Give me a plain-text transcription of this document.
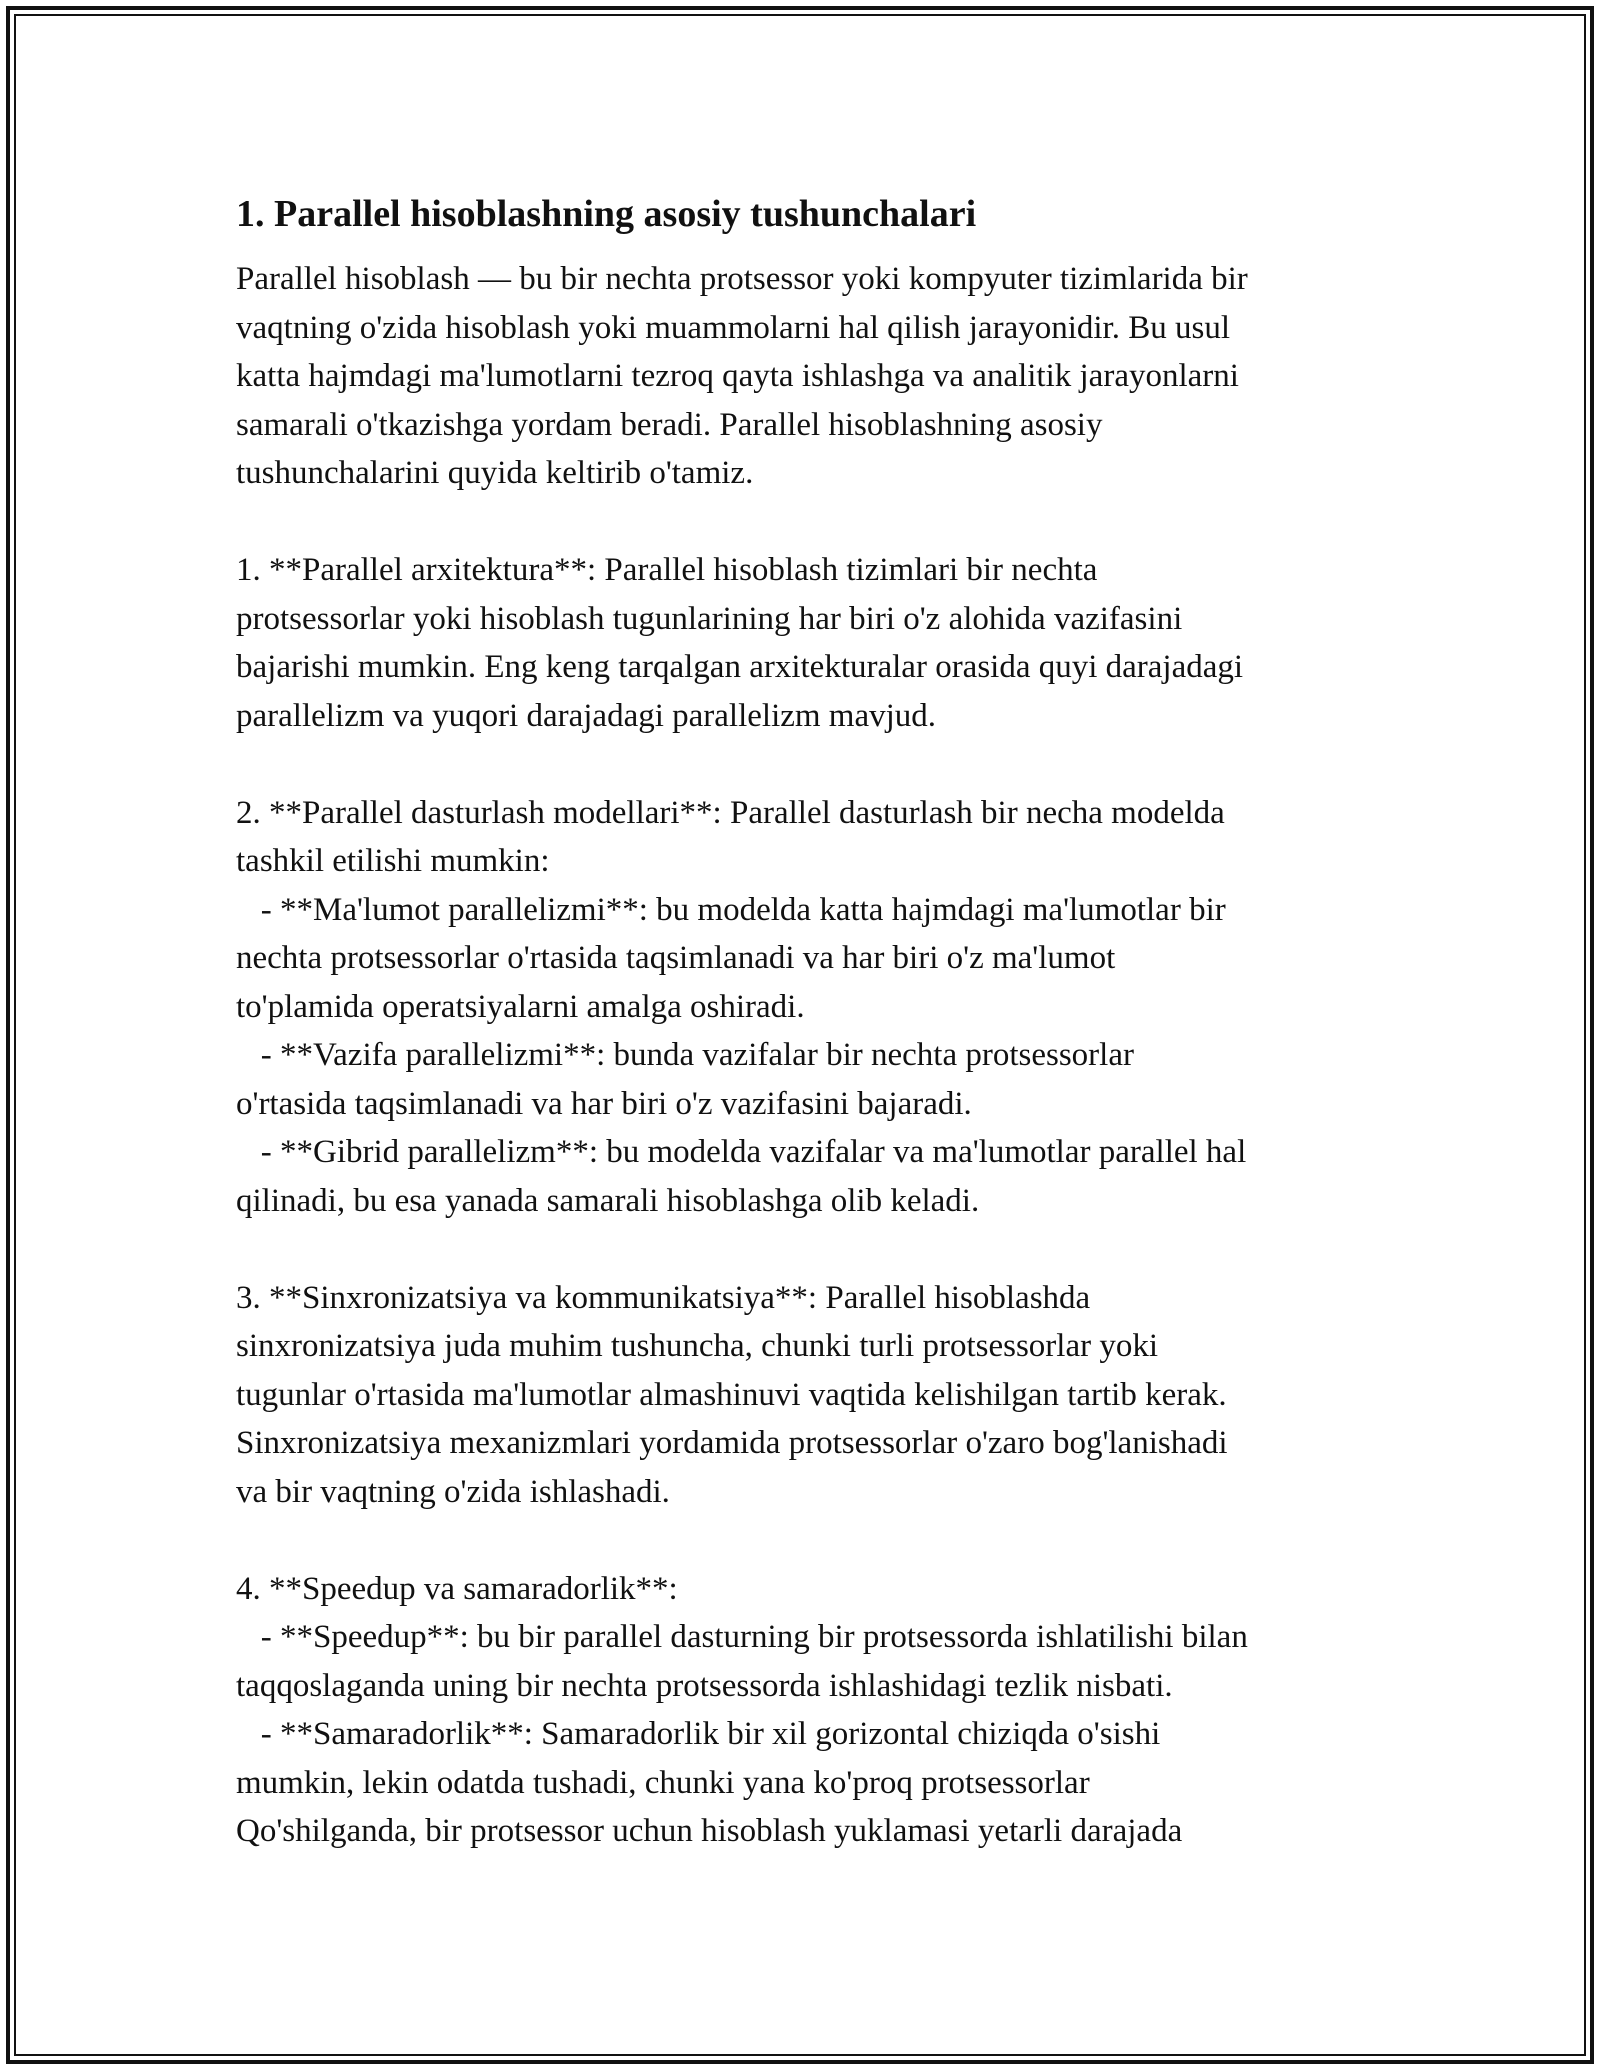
1. Parallel hisoblashning asosiy tushunchalari
Parallel hisoblash — bu bir nechta protsessor yoki kompyuter tizimlarida bir
vaqtning o'zida hisoblash yoki muammolarni hal qilish jarayonidir. Bu usul
katta hajmdagi ma'lumotlarni tezroq qayta ishlashga va analitik jarayonlarni
samarali o'tkazishga yordam beradi. Parallel hisoblashning asosiy
tushunchalarini quyida keltirib o'tamiz.
1. **Parallel arxitektura**: Parallel hisoblash tizimlari bir nechta
protsessorlar yoki hisoblash tugunlarining har biri o'z alohida vazifasini
bajarishi mumkin. Eng keng tarqalgan arxitekturalar orasida quyi darajadagi
parallelizm va yuqori darajadagi parallelizm mavjud.
2. **Parallel dasturlash modellari**: Parallel dasturlash bir necha modelda
tashkil etilishi mumkin:
- **Ma'lumot parallelizmi**: bu modelda katta hajmdagi ma'lumotlar bir
nechta protsessorlar o'rtasida taqsimlanadi va har biri o'z ma'lumot
to'plamida operatsiyalarni amalga oshiradi.
- **Vazifa parallelizmi**: bunda vazifalar bir nechta protsessorlar
o'rtasida taqsimlanadi va har biri o'z vazifasini bajaradi.
- **Gibrid parallelizm**: bu modelda vazifalar va ma'lumotlar parallel hal
qilinadi, bu esa yanada samarali hisoblashga olib keladi.
3. **Sinxronizatsiya va kommunikatsiya**: Parallel hisoblashda
sinxronizatsiya juda muhim tushuncha, chunki turli protsessorlar yoki
tugunlar o'rtasida ma'lumotlar almashinuvi vaqtida kelishilgan tartib kerak.
Sinxronizatsiya mexanizmlari yordamida protsessorlar o'zaro bog'lanishadi
va bir vaqtning o'zida ishlashadi.
4. **Speedup va samaradorlik**:
- **Speedup**: bu bir parallel dasturning bir protsessorda ishlatilishi bilan
taqqoslaganda uning bir nechta protsessorda ishlashidagi tezlik nisbati.
- **Samaradorlik**: Samaradorlik bir xil gorizontal chiziqda o'sishi
mumkin, lekin odatda tushadi, chunki yana ko'proq protsessorlar
Qo'shilganda, bir protsessor uchun hisoblash yuklamasi yetarli darajada
